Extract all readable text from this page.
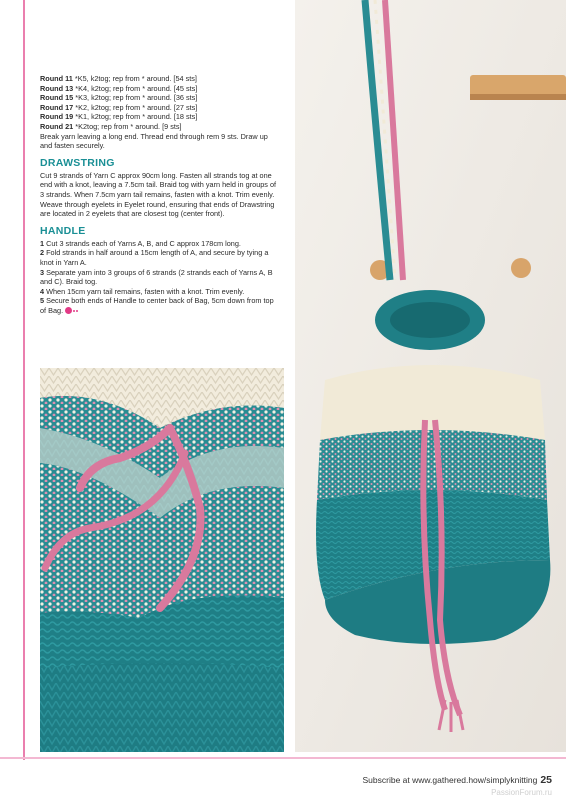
Round 11 *K5, k2tog; rep from * around. [54 sts]
Round 13 *K4, k2tog; rep from * around. [45 sts]
Round 15 *K3, k2tog; rep from * around. [36 sts]
Round 17 *K2, k2tog; rep from * around. [27 sts]
Round 19 *K1, k2tog; rep from * around. [18 sts]
Round 21 *K2tog; rep from * around. [9 sts]

Break yarn leaving a long end. Thread end through rem 9 sts. Draw up and fasten securely.

DRAWSTRING

Cut 9 strands of Yarn C approx 90cm long. Fasten all strands tog at one end with a knot, leaving a 7.5cm tail. Braid tog with yarn held in groups of 3 strands. When 7.5cm yarn tail remains, fasten with a knot. Trim evenly. Weave through eyelets in Eyelet round, ensuring that ends of Drawstring are located in 2 eyelets that are closest tog (center front).

HANDLE
1 Cut 3 strands each of Yarns A, B, and C approx 178cm long.
2 Fold strands in half around a 15cm length of A, and secure by tying a knot in Yarn A.
3 Separate yarn into 3 groups of 6 strands (2 strands each of Yarns A, B and C). Braid tog.
4 When 15cm yarn tail remains, fasten with a knot. Trim evenly.
5 Secure both ends of Handle to center back of Bag, 5cm down from top of Bag.
Subscribe at www.gathered.how/simplyknitting 25
PassionForum.ru
